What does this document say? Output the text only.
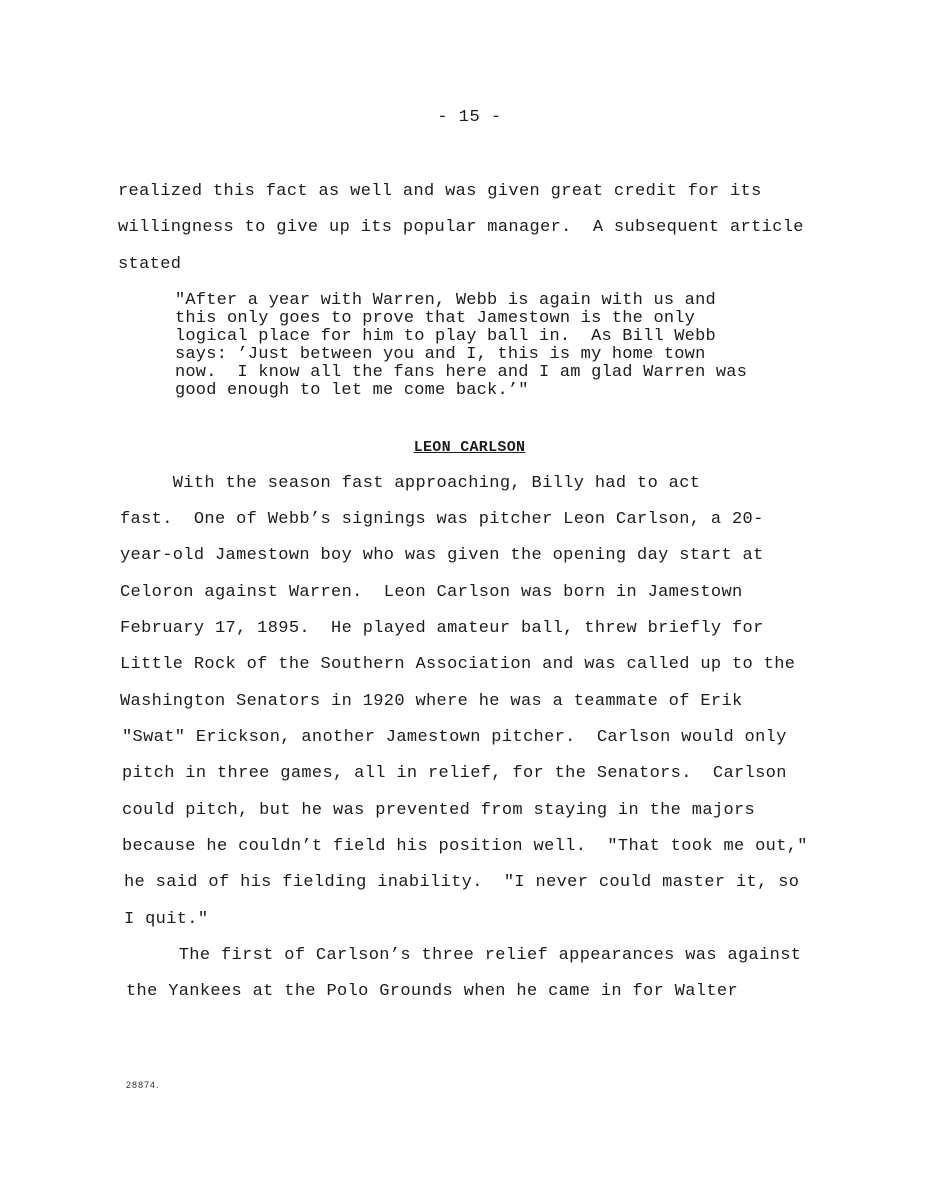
- 15 -
realized this fact as well and was given great credit for its
willingness to give up its popular manager.  A subsequent article
stated
"After a year with Warren, Webb is again with us and
this only goes to prove that Jamestown is the only
logical place for him to play ball in.  As Bill Webb
says: ’Just between you and I, this is my home town
now.  I know all the fans here and I am glad Warren was
good enough to let me come back.’"
LEON CARLSON
With the season fast approaching, Billy had to act
fast.  One of Webb’s signings was pitcher Leon Carlson, a 20-
year-old Jamestown boy who was given the opening day start at
Celoron against Warren.  Leon Carlson was born in Jamestown
February 17, 1895.  He played amateur ball, threw briefly for
Little Rock of the Southern Association and was called up to the
Washington Senators in 1920 where he was a teammate of Erik
"Swat" Erickson, another Jamestown pitcher.  Carlson would only
pitch in three games, all in relief, for the Senators.  Carlson
could pitch, but he was prevented from staying in the majors
because he couldn’t field his position well.  "That took me out,"
he said of his fielding inability.  "I never could master it, so
I quit."
The first of Carlson’s three relief appearances was against
the Yankees at the Polo Grounds when he came in for Walter
28874.
